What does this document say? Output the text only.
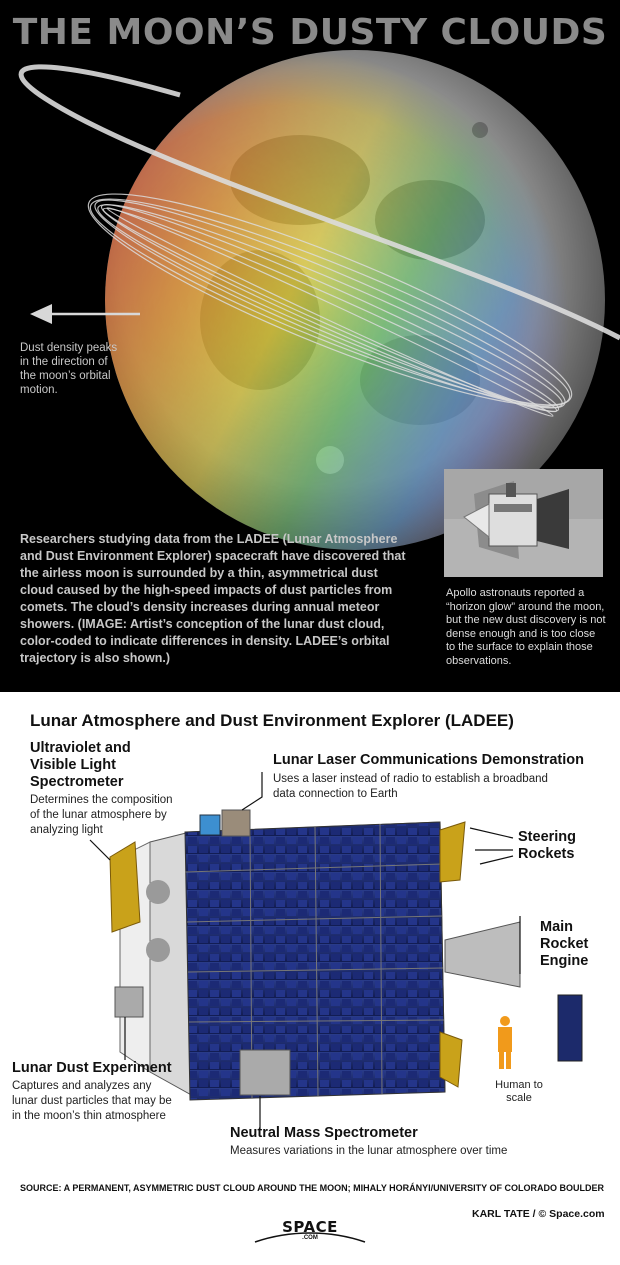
THE MOON’S DUSTY CLOUDS
Dust density peaks in the direction of the moon’s orbital motion.
Researchers studying data from the LADEE (Lunar Atmosphere and Dust Environment Explorer) spacecraft have discovered that the airless moon is surrounded by a thin, asymmetrical dust cloud caused by the high-speed impacts of dust particles from comets. The cloud’s density increases during annual meteor showers. (IMAGE: Artist’s conception of the lunar dust cloud, color-coded to indicate differences in density. LADEE’s orbital trajectory is also shown.)
Apollo astronauts reported a “horizon glow” around the moon, but the new dust discovery is not dense enough and is too close to the surface to explain those observations.
Lunar Atmosphere and Dust Environment Explorer (LADEE)
Ultraviolet and Visible Light Spectrometer
Determines the composition of the lunar atmosphere by analyzing light
Lunar Laser Communications Demonstration
Uses a laser instead of radio to establish a broadband data connection to Earth
Steering Rockets
Main Rocket Engine
Lunar Dust Experiment
Captures and analyzes any lunar dust particles that may be in the moon’s thin atmosphere
Neutral Mass Spectrometer
Measures variations in the lunar atmosphere over time
Human to scale
SOURCE: A PERMANENT, ASYMMETRIC DUST CLOUD AROUND THE MOON; MIHALY HORÁNYI/UNIVERSITY OF COLORADO BOULDER
KARL TATE / © Space.com
SPACE
.COM
